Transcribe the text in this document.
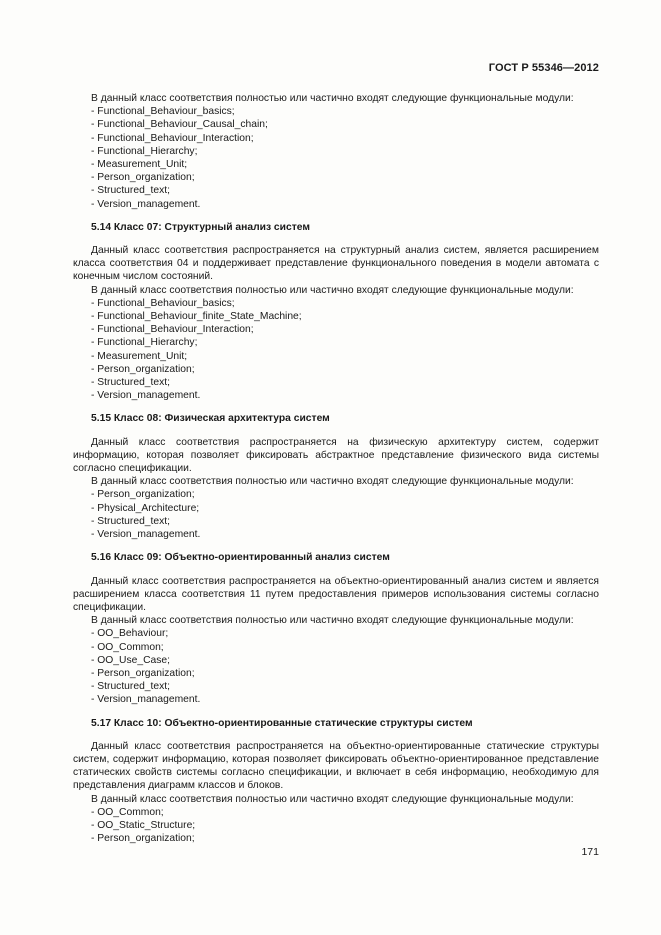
ГОСТ Р 55346—2012

В данный класс соответствия полностью или частично входят следующие функциональные модули:

- Functional_Behaviour_basics;
- Functional_Behaviour_Causal_chain;
- Functional_Behaviour_Interaction;
- Functional_Hierarchy;
- Measurement_Unit;
- Person_organization;
- Structured_text;
- Version_management.
5.14 Класс 07: Структурный анализ систем

Данный класс соответствия распространяется на структурный анализ систем, является расширением класса соответствия 04 и поддерживает представление функционального поведения в модели автомата с конечным числом состояний.

В данный класс соответствия полностью или частично входят следующие функциональные модули:

- Functional_Behaviour_basics;
- Functional_Behaviour_finite_State_Machine;
- Functional_Behaviour_Interaction;
- Functional_Hierarchy;
- Measurement_Unit;
- Person_organization;
- Structured_text;
- Version_management.
5.15 Класс 08: Физическая архитектура систем

Данный класс соответствия распространяется на физическую архитектуру систем, содержит информацию, которая позволяет фиксировать абстрактное представление физического вида системы согласно спецификации.

В данный класс соответствия полностью или частично входят следующие функциональные модули:

- Person_organization;
- Physical_Architecture;
- Structured_text;
- Version_management.
5.16 Класс 09: Объектно-ориентированный анализ систем

Данный класс соответствия распространяется на объектно-ориентированный анализ систем и является расширением класса соответствия 11 путем предоставления примеров использования системы согласно спецификации.

В данный класс соответствия полностью или частично входят следующие функциональные модули:

- OO_Behaviour;
- OO_Common;
- OO_Use_Case;
- Person_organization;
- Structured_text;
- Version_management.
5.17 Класс 10: Объектно-ориентированные статические структуры систем

Данный класс соответствия распространяется на объектно-ориентированные статические структуры систем, содержит информацию, которая позволяет фиксировать объектно-ориентированное представление статических свойств системы согласно спецификации, и включает в себя информацию, необходимую для представления диаграмм классов и блоков.

В данный класс соответствия полностью или частично входят следующие функциональные модули:

- OO_Common;
- OO_Static_Structure;
- Person_organization;
171
